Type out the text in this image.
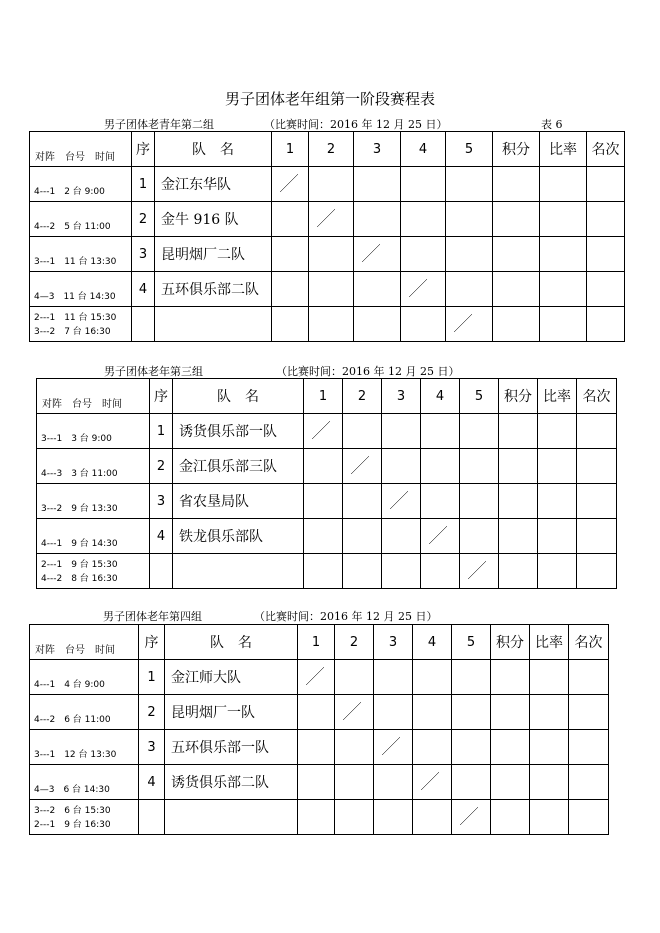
男子团体老年组第一阶段赛程表
男子团体老青年第二组	（比赛时间：2016 年 12 月 25 日）	表 6
对阵　台号　时间	序	队　名	1	2	3	4	5	积分	比率	名次

4---1　2 台 9:00	1	金江东华队								

4---2　5 台 11:00	2	金牛 916 队								

3---1　11 台 13:30	3	昆明烟厂二队								

4—3　11 台 14:30	4	五环俱乐部二队								

2---1　11 台 15:30
3---2　7 台 16:30										

男子团体老年第三组	（比赛时间：2016 年 12 月 25 日）
对阵　台号　时间	序	队　名	1	2	3	4	5	积分	比率	名次

3---1　3 台 9:00	1	诱货俱乐部一队								

4---3　3 台 11:00	2	金江俱乐部三队								

3---2　9 台 13:30	3	省农垦局队								

4---1　9 台 14:30	4	铁龙俱乐部队								

2---1　9 台 15:30
4---2　8 台 16:30										

男子团体老年第四组	（比赛时间：2016 年 12 月 25 日）
对阵　台号　时间	序	队　名	1	2	3	4	5	积分	比率	名次

4---1　4 台 9:00	1	金江师大队								

4---2　6 台 11:00	2	昆明烟厂一队								

3---1　12 台 13:30	3	五环俱乐部一队								

4—3　6 台 14:30	4	诱货俱乐部二队								

3---2　6 台 15:30
2---1　9 台 16:30										
